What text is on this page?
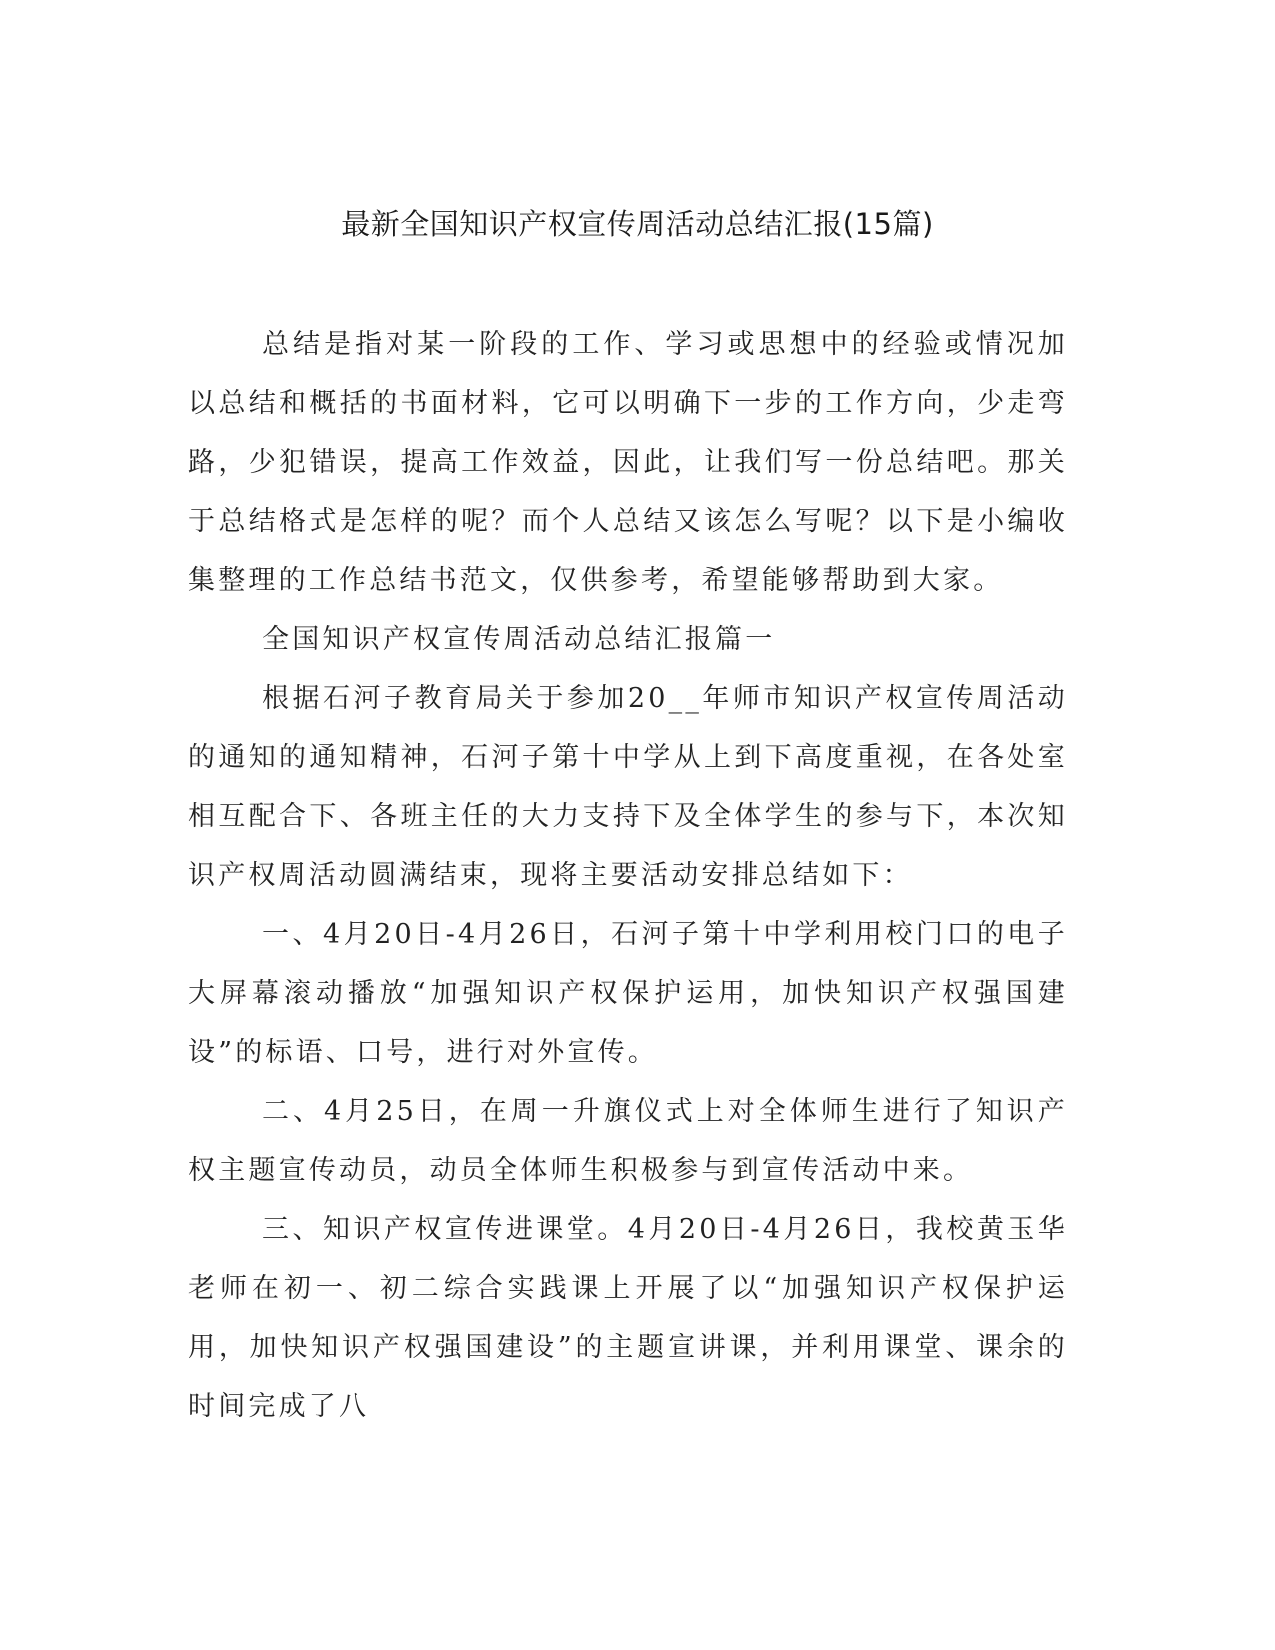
最新全国知识产权宣传周活动总结汇报(15篇)

总结是指对某一阶段的工作、学习或思想中的经验或情况加以总结和概括的书面材料，它可以明确下一步的工作方向，少走弯路，少犯错误，提高工作效益，因此，让我们写一份总结吧。那关于总结格式是怎样的呢？而个人总结又该怎么写呢？以下是小编收集整理的工作总结书范文，仅供参考，希望能够帮助到大家。

全国知识产权宣传周活动总结汇报篇一

根据石河子教育局关于参加20__年师市知识产权宣传周活动的通知的通知精神，石河子第十中学从上到下高度重视，在各处室相互配合下、各班主任的大力支持下及全体学生的参与下，本次知识产权周活动圆满结束，现将主要活动安排总结如下：

一、4月20日-4月26日，石河子第十中学利用校门口的电子大屏幕滚动播放“加强知识产权保护运用，加快知识产权强国建设”的标语、口号，进行对外宣传。

二、4月25日，在周一升旗仪式上对全体师生进行了知识产权主题宣传动员，动员全体师生积极参与到宣传活动中来。

三、知识产权宣传进课堂。4月20日-4月26日，我校黄玉华老师在初一、初二综合实践课上开展了以“加强知识产权保护运用，加快知识产权强国建设”的主题宣讲课，并利用课堂、课余的时间完成了八
